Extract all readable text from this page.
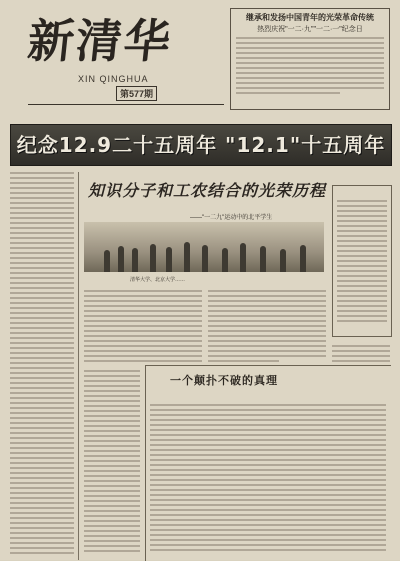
新清华
XIN QINGHUA
第577期
继承和发扬中国青年的光荣革命传统
热烈庆祝"一二·九""一二·一"纪念日
纪念12.9二十五周年 "12.1"十五周年
知识分子和工农结合的光荣历程
——"一二九"运动中的北平学生
清华大学、北京大学……
一个颠扑不破的真理
